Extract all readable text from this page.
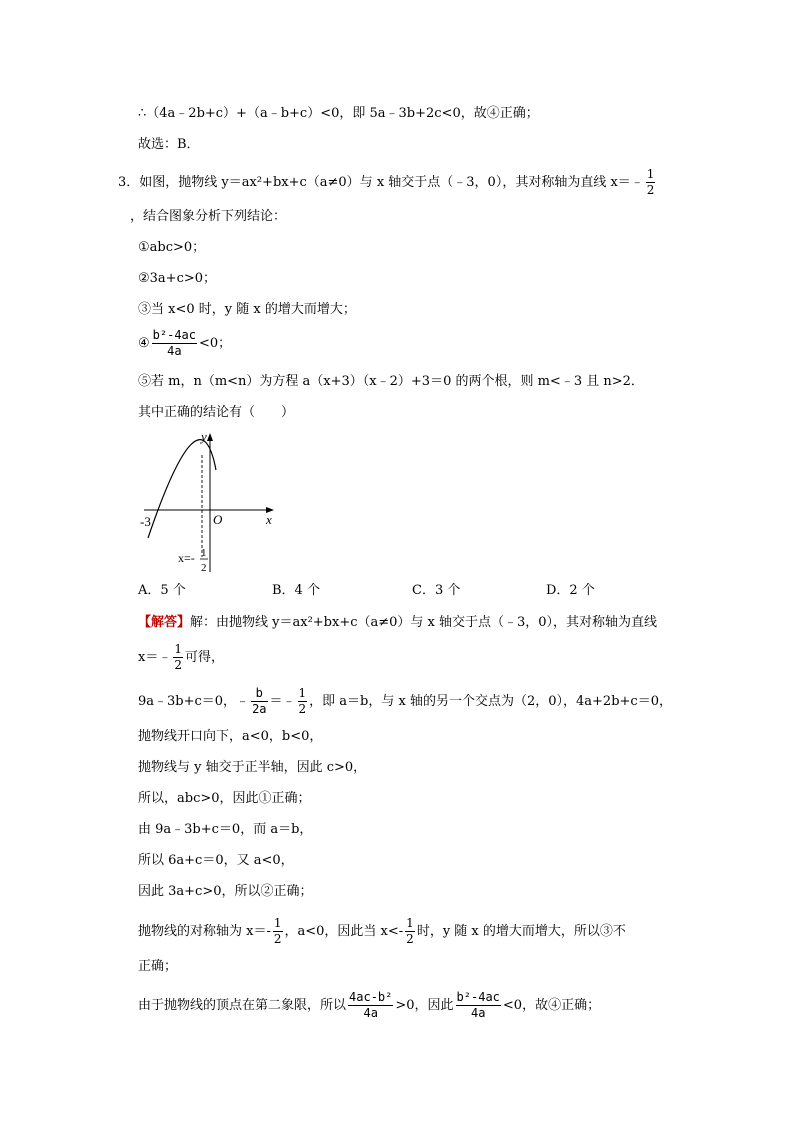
∴（4a﹣2b+c）+（a﹣b+c）<0，即 5a﹣3b+2c<0，故④正确；
故选：B．
3．如图，抛物线 y＝ax²+bx+c（a≠0）与 x 轴交于点（﹣3，0），其对称轴为直线 x＝﹣ $\frac{1}{2}$
，结合图象分析下列结论：
①abc>0；
②3a+c>0；
③当 x<0 时，y 随 x 的增大而增大；
④ $\frac{\text{b²-4ac}}{4a} <0$；
⑤若 m，n（m<n）为方程 a（x+3）（x﹣2）+3＝0 的两个根，则 m<﹣3 且 n>2．
其中正确的结论有（　　）
y
x
O
-3
x=- 1
2
A．5 个	B．4 个	C．3 个	D．2 个
【解答】解：由抛物线 y＝ax²+bx+c（a≠0）与 x 轴交于点（﹣3，0），其对称轴为直线
x＝﹣ $\frac{1}{2}$ 可得，
9a﹣3b+c＝0，﹣ $\frac{b}{2a}$ ＝﹣ $\frac{1}{2}$ ，即 a＝b，与 x 轴的另一个交点为（2，0），4a+2b+c＝0，
抛物线开口向下，a<0，b<0，
抛物线与 y 轴交于正半轴，因此 c>0，
所以，abc>0，因此①正确；
由 9a﹣3b+c＝0，而 a＝b，
所以 6a+c＝0，又 a<0，
因此 3a+c>0，所以②正确；
抛物线的对称轴为 $x=- \frac{1}{2}$ ，a<0，因此当 $x<- \frac{1}{2}$ 时，y 随 x 的增大而增大，所以③不
正确；
由于抛物线的顶点在第二象限，所以 $\frac{\text{4ac-b²}}{4a} >0$，因此 $\frac{\text{b²-4ac}}{4a} <0$，故④正确；
